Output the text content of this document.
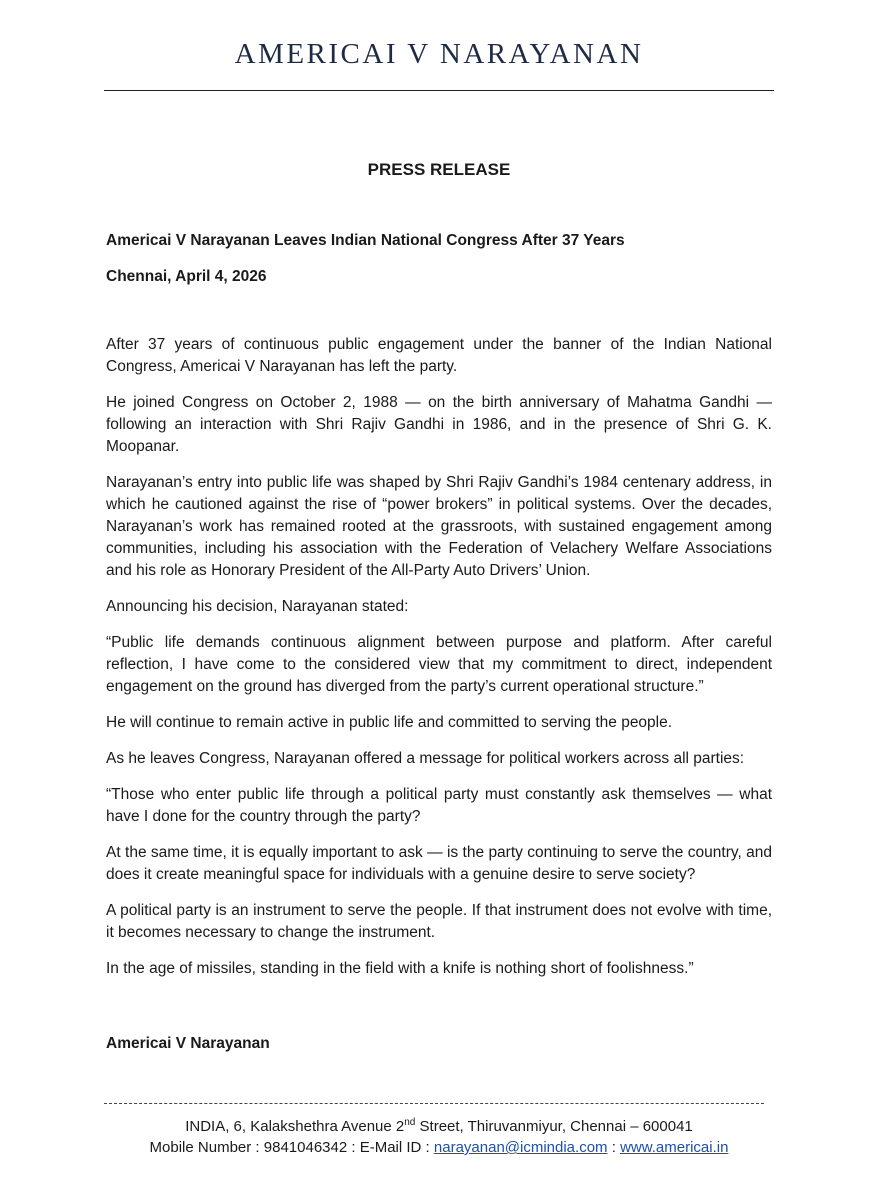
AMERICAI V NARAYANAN
PRESS RELEASE

Americai V Narayanan Leaves Indian National Congress After 37 Years

Chennai, April 4, 2026

After 37 years of continuous public engagement under the banner of the Indian National Congress, Americai V Narayanan has left the party.

He joined Congress on October 2, 1988 — on the birth anniversary of Mahatma Gandhi — following an interaction with Shri Rajiv Gandhi in 1986, and in the presence of Shri G. K. Moopanar.

Narayanan’s entry into public life was shaped by Shri Rajiv Gandhi’s 1984 centenary address, in which he cautioned against the rise of “power brokers” in political systems. Over the decades, Narayanan’s work has remained rooted at the grassroots, with sustained engagement among communities, including his association with the Federation of Velachery Welfare Associations and his role as Honorary President of the All-Party Auto Drivers’ Union.

Announcing his decision, Narayanan stated:

“Public life demands continuous alignment between purpose and platform. After careful reflection, I have come to the considered view that my commitment to direct, independent engagement on the ground has diverged from the party’s current operational structure.”

He will continue to remain active in public life and committed to serving the people.

As he leaves Congress, Narayanan offered a message for political workers across all parties:

“Those who enter public life through a political party must constantly ask themselves — what have I done for the country through the party?

At the same time, it is equally important to ask — is the party continuing to serve the country, and does it create meaningful space for individuals with a genuine desire to serve society?

A political party is an instrument to serve the people. If that instrument does not evolve with time, it becomes necessary to change the instrument.

In the age of missiles, standing in the field with a knife is nothing short of foolishness.”

Americai V Narayanan

INDIA, 6, Kalakshethra Avenue 2nd Street, Thiruvanmiyur, Chennai – 600041
Mobile Number : 9841046342 : E-Mail ID : narayanan@icmindia.com : www.americai.in
